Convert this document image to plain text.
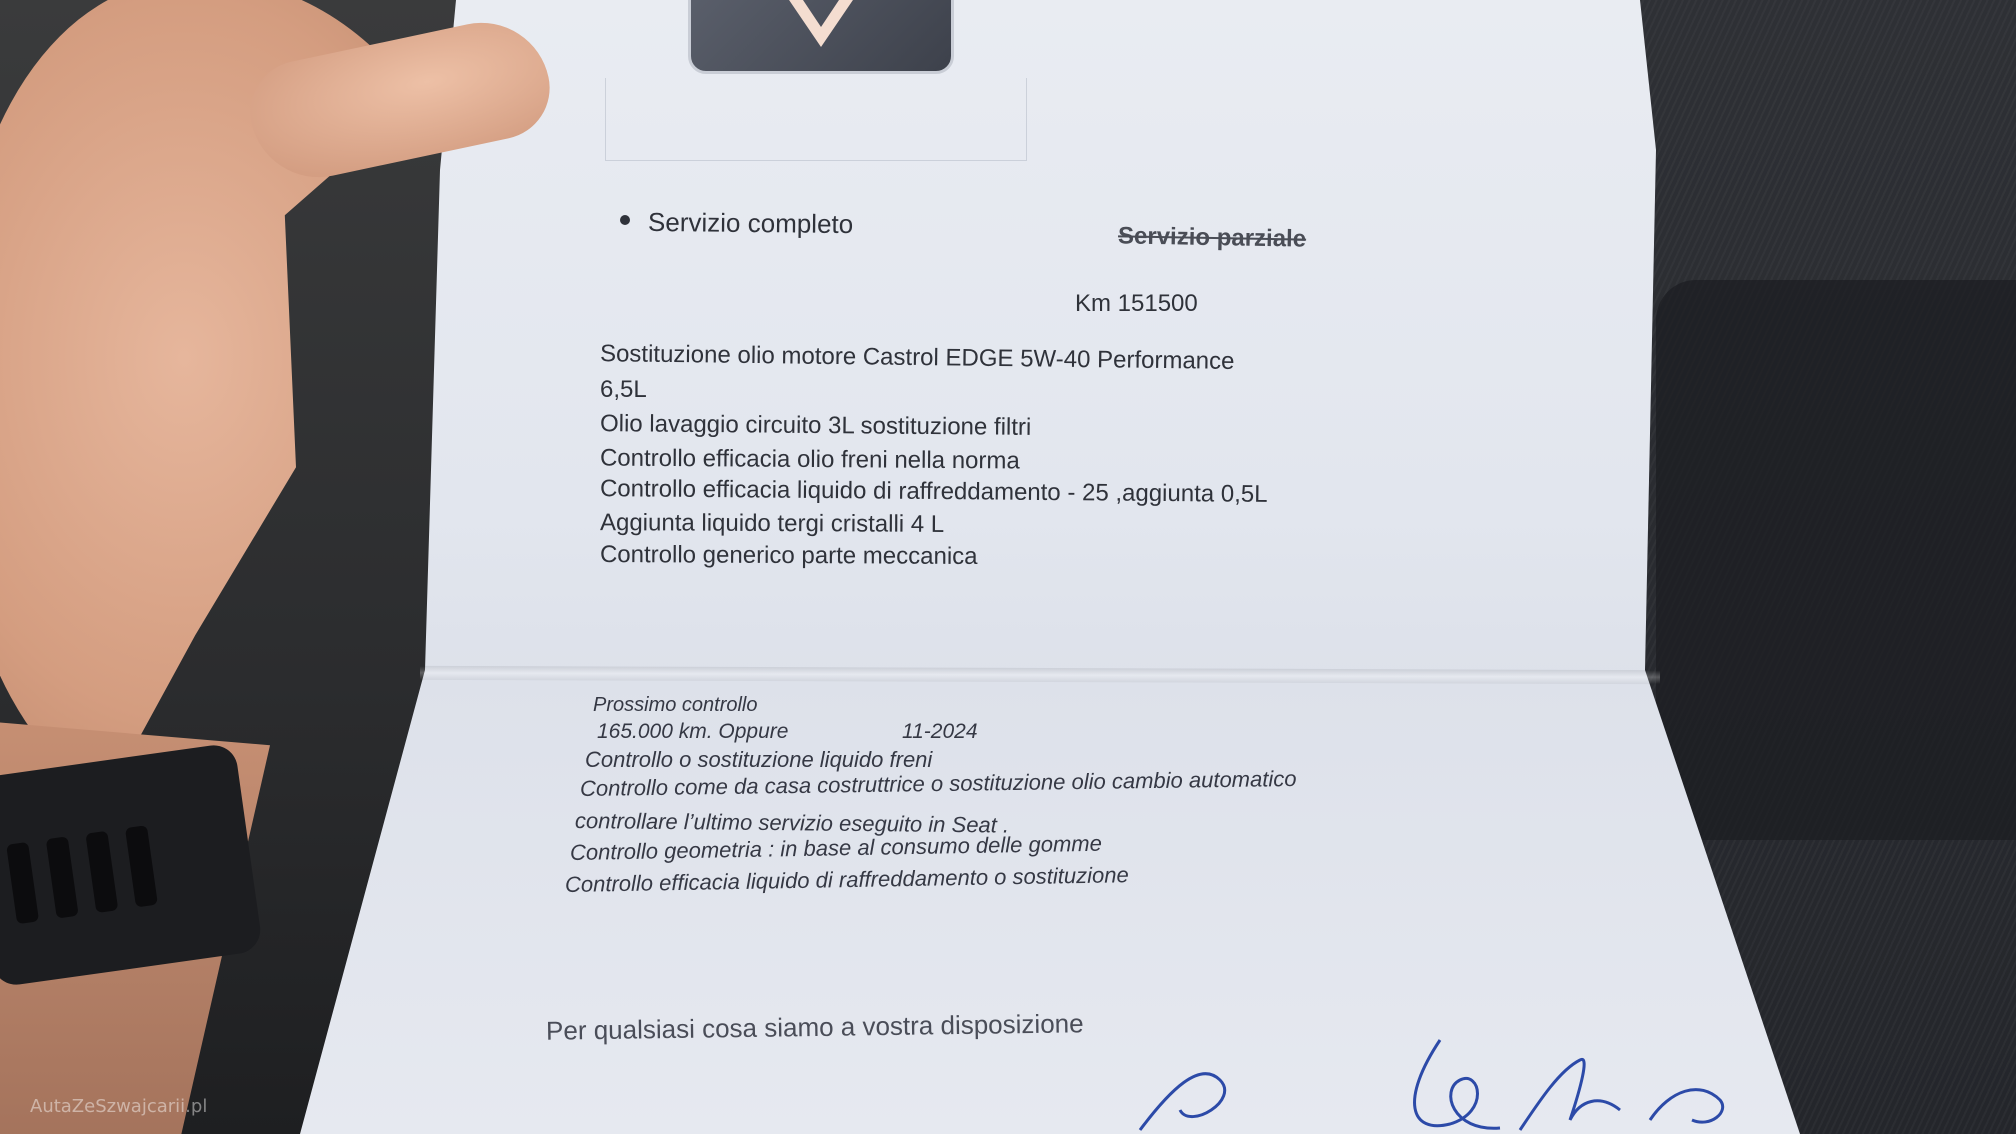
Servizio completo	Servizio parziale
Km 151500
Sostituzione olio motore Castrol EDGE 5W-40 Performance
6,5L
Olio lavaggio circuito 3L sostituzione filtri
Controllo efficacia olio freni nella norma
Controllo efficacia liquido di raffreddamento - 25 ,aggiunta 0,5L
Aggiunta liquido tergi cristalli 4 L
Controllo generico parte meccanica
Prossimo controllo
165.000 km. Oppure	11-2024
Controllo o sostituzione liquido freni
Controllo come da casa costruttrice o sostituzione olio cambio automatico
controllare l’ultimo servizio eseguito in Seat .
Controllo geometria : in base al consumo delle gomme
Controllo efficacia liquido di raffreddamento o sostituzione
Per qualsiasi cosa siamo a vostra disposizione
AutaZeSzwajcarii.pl
